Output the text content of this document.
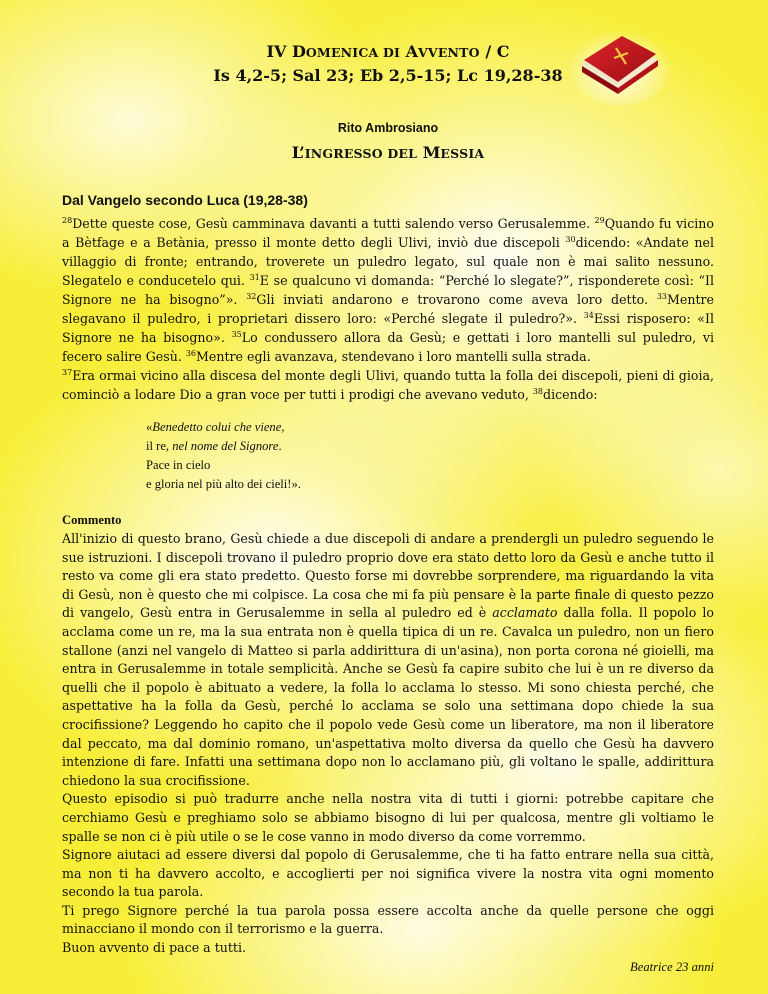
IV DOMENICA DI AVVENTO / C

Is 4,2-5; Sal 23; Eb 2,5-15; Lc 19,28-38

Rito Ambrosiano
L’INGRESSO DEL MESSIA
Dal Vangelo secondo Luca (19,28-38)

$^{28}$Dette queste cose, Gesù camminava davanti a tutti salendo verso Gerusalemme. $^{29}$Quando fu vicino a Bètfage e a Betània, presso il monte detto degli Ulivi, inviò due discepoli $^{30}$dicendo: «Andate nel villaggio di fronte; entrando, troverete un puledro legato, sul quale non è mai salito nessuno. Slegatelo e conducetelo qui. $^{31}$E se qualcuno vi domanda: “Perché lo slegate?”, risponderete così: “Il Signore ne ha bisogno”». $^{32}$Gli inviati andarono e trovarono come aveva loro detto. $^{33}$Mentre slegavano il puledro, i proprietari dissero loro: «Perché slegate il puledro?». $^{34}$Essi risposero: «Il Signore ne ha bisogno». $^{35}$Lo condussero allora da Gesù; e gettati i loro mantelli sul puledro, vi fecero salire Gesù. $^{36}$Mentre egli avanzava, stendevano i loro mantelli sulla strada.
$^{37}$Era ormai vicino alla discesa del monte degli Ulivi, quando tutta la folla dei discepoli, pieni di gioia, cominciò a lodare Dio a gran voce per tutti i prodigi che avevano veduto, $^{38}$dicendo:

«Benedetto colui che viene,
il re, nel nome del Signore.
Pace in cielo
e gloria nel più alto dei cieli!».
Commento

All'inizio di questo brano, Gesù chiede a due discepoli di andare a prendergli un puledro seguendo le sue istruzioni. I discepoli trovano il puledro proprio dove era stato detto loro da Gesù e anche tutto il resto va come gli era stato predetto. Questo forse mi dovrebbe sorprendere, ma riguardando la vita di Gesù, non è questo che mi colpisce. La cosa che mi fa più pensare è la parte finale di questo pezzo di vangelo, Gesù entra in Gerusalemme in sella al puledro ed è acclamato dalla folla. Il popolo lo acclama come un re, ma la sua entrata non è quella tipica di un re. Cavalca un puledro, non un fiero stallone (anzi nel vangelo di Matteo si parla addirittura di un'asina), non porta corona né gioielli, ma entra in Gerusalemme in totale semplicità. Anche se Gesù fa capire subito che lui è un re diverso da quelli che il popolo è abituato a vedere, la folla lo acclama lo stesso. Mi sono chiesta perché, che aspettative ha la folla da Gesù, perché lo acclama se solo una settimana dopo chiede la sua crocifissione? Leggendo ho capito che il popolo vede Gesù come un liberatore, ma non il liberatore dal peccato, ma dal dominio romano, un'aspettativa molto diversa da quello che Gesù ha davvero intenzione di fare. Infatti una settimana dopo non lo acclamano più, gli voltano le spalle, addirittura chiedono la sua crocifissione.

Questo episodio si può tradurre anche nella nostra vita di tutti i giorni: potrebbe capitare che cerchiamo Gesù e preghiamo solo se abbiamo bisogno di lui per qualcosa, mentre gli voltiamo le spalle se non ci è più utile o se le cose vanno in modo diverso da come vorremmo.

Signore aiutaci ad essere diversi dal popolo di Gerusalemme, che ti ha fatto entrare nella sua città, ma non ti ha davvero accolto, e accoglierti per noi significa vivere la nostra vita ogni momento secondo la tua parola.

Ti prego Signore perché la tua parola possa essere accolta anche da quelle persone che oggi minacciano il mondo con il terrorismo e la guerra.

Buon avvento di pace a tutti.

Beatrice 23 anni
